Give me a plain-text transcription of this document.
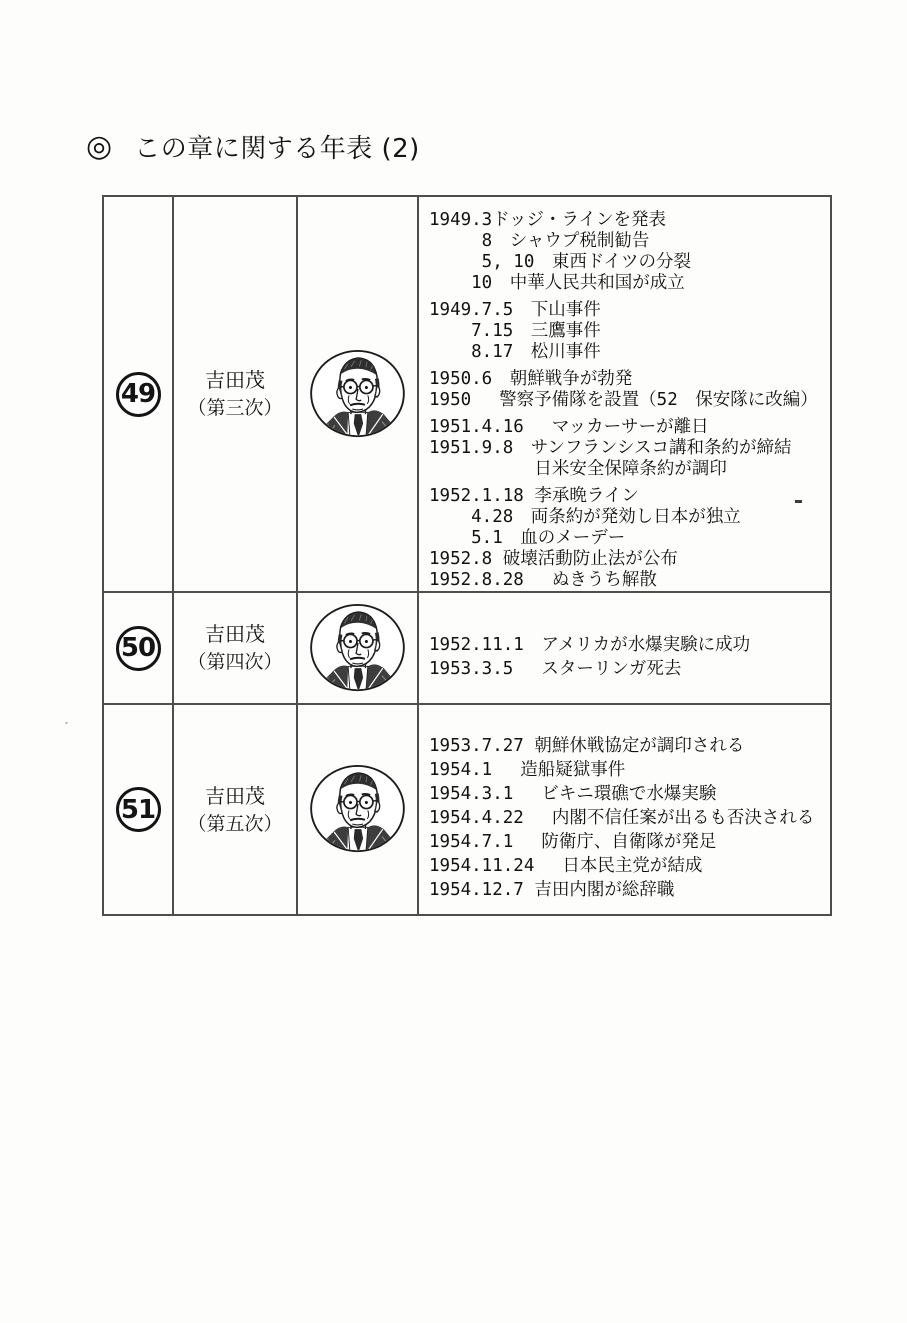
◎ この章に関する年表 (2)
49	吉田茂
（第三次）

1949.3ドッジ・ラインを発表
8　シャウプ税制勧告
5, 10　東西ドイツの分裂
10　中華人民共和国が成立
1949.7.5　下山事件
7.15　三鷹事件
8.17　松川事件
1950.6　朝鮮戦争が勃発
1950　 警察予備隊を設置（52　保安隊に改編）
1951.4.16　 マッカーサーが離日
1951.9.8　サンフランシスコ講和条約が締結
日米安全保障条約が調印
1952.1.18 李承晩ライン
4.28　両条約が発効し日本が独立
5.1　血のメーデー
1952.8 破壊活動防止法が公布
1952.8.28　 ぬきうち解散

50	吉田茂
（第四次）

1952.11.1　アメリカが水爆実験に成功
1953.3.5　 スターリンガ死去

51	吉田茂
（第五次）

1953.7.27 朝鮮休戦協定が調印される
1954.1　 造船疑獄事件
1954.3.1　 ビキニ環礁で水爆実験
1954.4.22　 内閣不信任案が出るも否決される
1954.7.1　 防衛庁、自衛隊が発足
1954.11.24　 日本民主党が結成
1954.12.7 吉田内閣が総辞職
